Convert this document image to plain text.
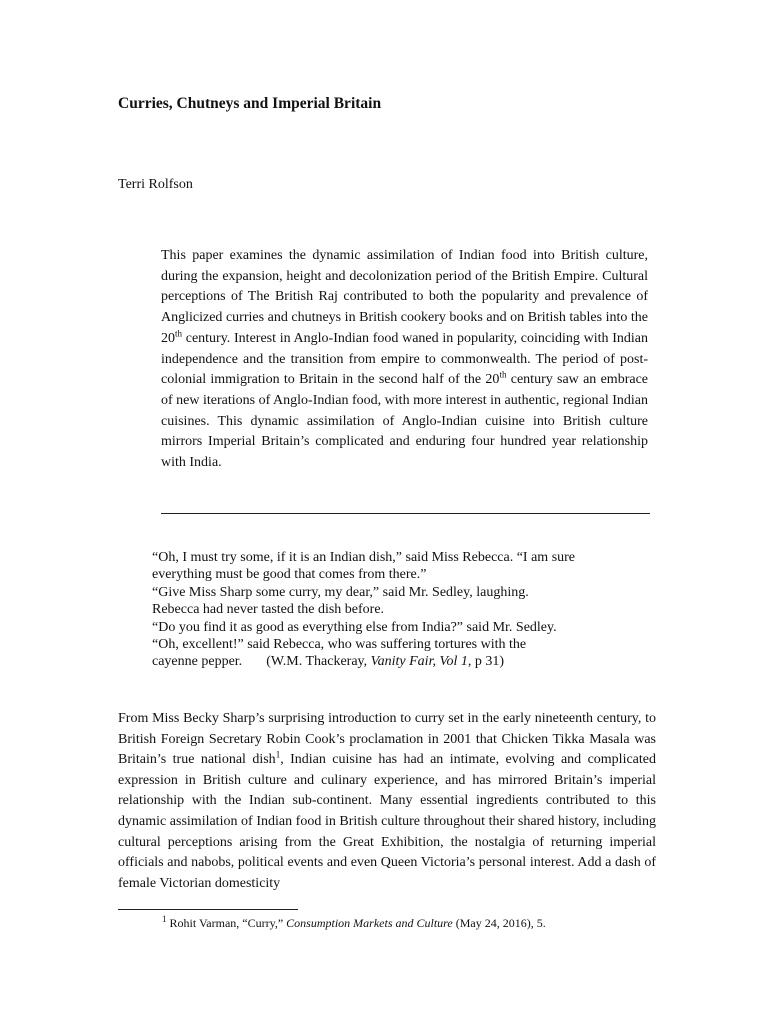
Curries, Chutneys and Imperial Britain
Terri Rolfson

This paper examines the dynamic assimilation of Indian food into British culture, during the expansion, height and decolonization period of the British Empire. Cultural perceptions of The British Raj contributed to both the popularity and prevalence of Anglicized curries and chutneys in British cookery books and on British tables into the 20th century. Interest in Anglo-Indian food waned in popularity, coinciding with Indian independence and the transition from empire to commonwealth. The period of post-colonial immigration to Britain in the second half of the 20th century saw an embrace of new iterations of Anglo-Indian food, with more interest in authentic, regional Indian cuisines. This dynamic assimilation of Anglo-Indian cuisine into British culture mirrors Imperial Britain’s complicated and enduring four hundred year relationship with India.

“Oh, I must try some, if it is an Indian dish,” said Miss Rebecca. “I am sure
everything must be good that comes from there.”
“Give Miss Sharp some curry, my dear,” said Mr. Sedley, laughing.
Rebecca had never tasted the dish before.
“Do you find it as good as everything else from India?” said Mr. Sedley.
“Oh, excellent!” said Rebecca, who was suffering tortures with the
cayenne pepper. (W.M. Thackeray, Vanity Fair, Vol 1, p 31)

From Miss Becky Sharp’s surprising introduction to curry set in the early nineteenth century, to British Foreign Secretary Robin Cook’s proclamation in 2001 that Chicken Tikka Masala was Britain’s true national dish$^1$, Indian cuisine has had an intimate, evolving and complicated expression in British culture and culinary experience, and has mirrored Britain’s imperial relationship with the Indian sub-continent. Many essential ingredients contributed to this dynamic assimilation of Indian food in British culture throughout their shared history, including cultural perceptions arising from the Great Exhibition, the nostalgia of returning imperial officials and nabobs, political events and even Queen Victoria’s personal interest. Add a dash of female Victorian domesticity

$^1$ Rohit Varman, “Curry,” Consumption Markets and Culture (May 24, 2016), 5.
